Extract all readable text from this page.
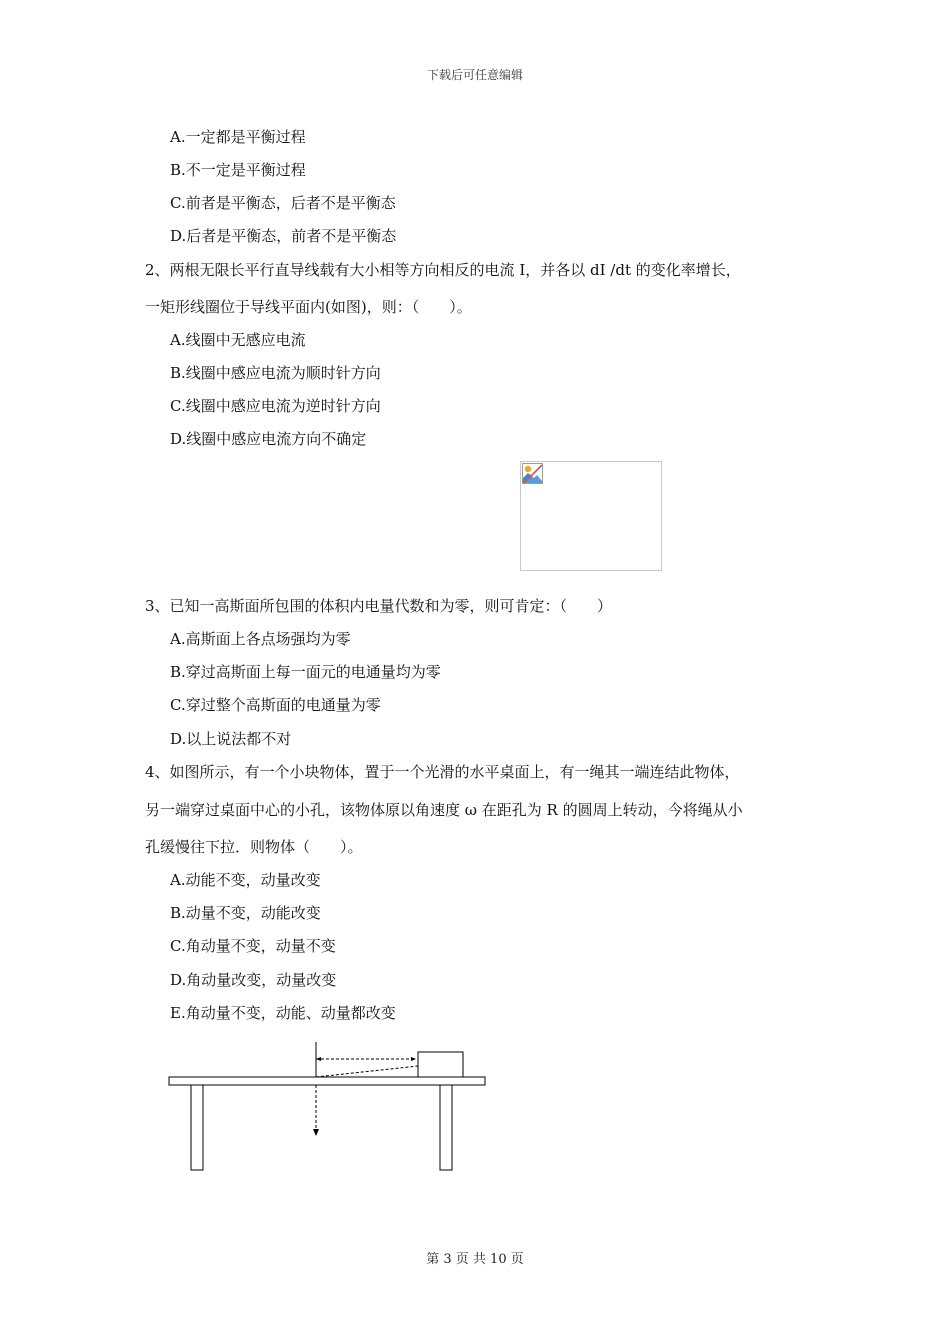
下载后可任意编辑
A.一定都是平衡过程
B.不一定是平衡过程
C.前者是平衡态，后者不是平衡态
D.后者是平衡态，前者不是平衡态
2、两根无限长平行直导线载有大小相等方向相反的电流 I，并各以 dI /dt 的变化率增长，
一矩形线圈位于导线平面内(如图)，则：（　　）。
A.线圈中无感应电流
B.线圈中感应电流为顺时针方向
C.线圈中感应电流为逆时针方向
D.线圈中感应电流方向不确定
3、已知一高斯面所包围的体积内电量代数和为零，则可肯定：（　　）
A.高斯面上各点场强均为零
B.穿过高斯面上每一面元的电通量均为零
C.穿过整个高斯面的电通量为零
D.以上说法都不对
4、如图所示，有一个小块物体，置于一个光滑的水平桌面上，有一绳其一端连结此物体，
另一端穿过桌面中心的小孔，该物体原以角速度 ω 在距孔为 R 的圆周上转动，今将绳从小
孔缓慢往下拉．则物体（　　）。
A.动能不变，动量改变
B.动量不变，动能改变
C.角动量不变，动量不变
D.角动量改变，动量改变
E.角动量不变，动能、动量都改变
第 3 页 共 10 页
